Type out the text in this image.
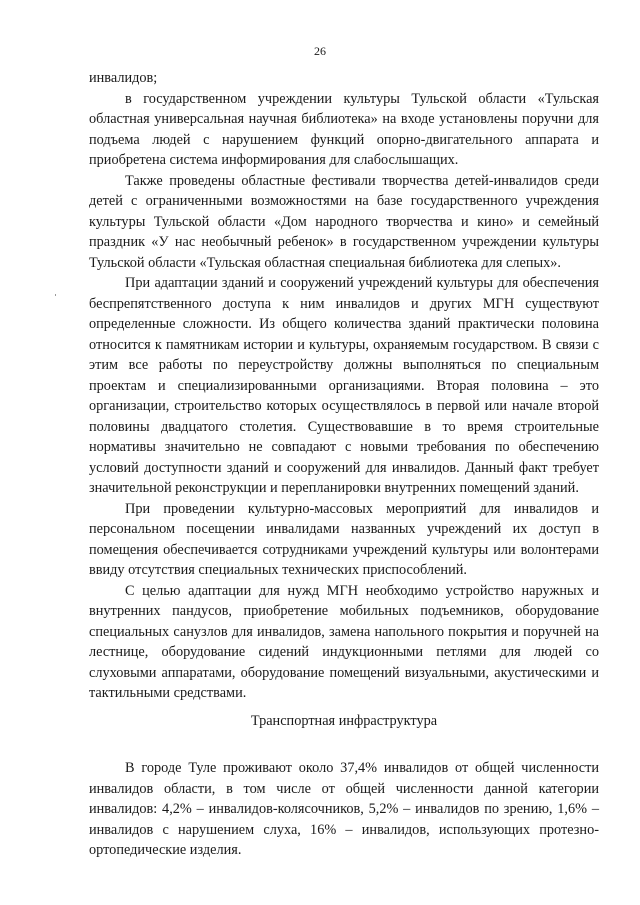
26

инвалидов;

в государственном учреждении культуры Тульской области «Тульская областная универсальная научная библиотека» на входе установлены поручни для подъема людей с нарушением функций опорно-двигательного аппарата и приобретена система информирования для слабослышащих.

Также проведены областные фестивали творчества детей-инвалидов среди детей с ограниченными возможностями на базе государственного учреждения культуры Тульской области «Дом народного творчества и кино» и семейный праздник «У нас необычный ребенок» в государственном учреждении культуры Тульской области «Тульская областная специальная библиотека для слепых».

При адаптации зданий и сооружений учреждений культуры для обеспечения беспрепятственного доступа к ним инвалидов и других МГН существуют определенные сложности. Из общего количества зданий практически половина относится к памятникам истории и культуры, охраняемым государством. В связи с этим все работы по переустройству должны выполняться по специальным проектам и специализированными организациями. Вторая половина – это организации, строительство которых осуществлялось в первой или начале второй половины двадцатого столетия. Существовавшие в то время строительные нормативы значительно не совпадают с новыми требования по обеспечению условий доступности зданий и сооружений для инвалидов. Данный факт требует значительной реконструкции и перепланировки внутренних помещений зданий.

При проведении культурно-массовых мероприятий для инвалидов и персональном посещении инвалидами названных учреждений их доступ в помещения обеспечивается сотрудниками учреждений культуры или волонтерами ввиду отсутствия специальных технических приспособлений.

С целью адаптации для нужд МГН необходимо устройство наружных и внутренних пандусов, приобретение мобильных подъемников, оборудование специальных санузлов для инвалидов, замена напольного покрытия и поручней на лестнице, оборудование сидений индукционными петлями для людей со слуховыми аппаратами, оборудование помещений визуальными, акустическими и тактильными средствами.

Транспортная инфраструктура

В городе Туле проживают около 37,4% инвалидов от общей численности инвалидов области, в том числе от общей численности данной категории инвалидов: 4,2% – инвалидов-колясочников, 5,2% – инвалидов по зрению, 1,6% – инвалидов с нарушением слуха, 16% – инвалидов, использующих протезно-ортопедические изделия.
